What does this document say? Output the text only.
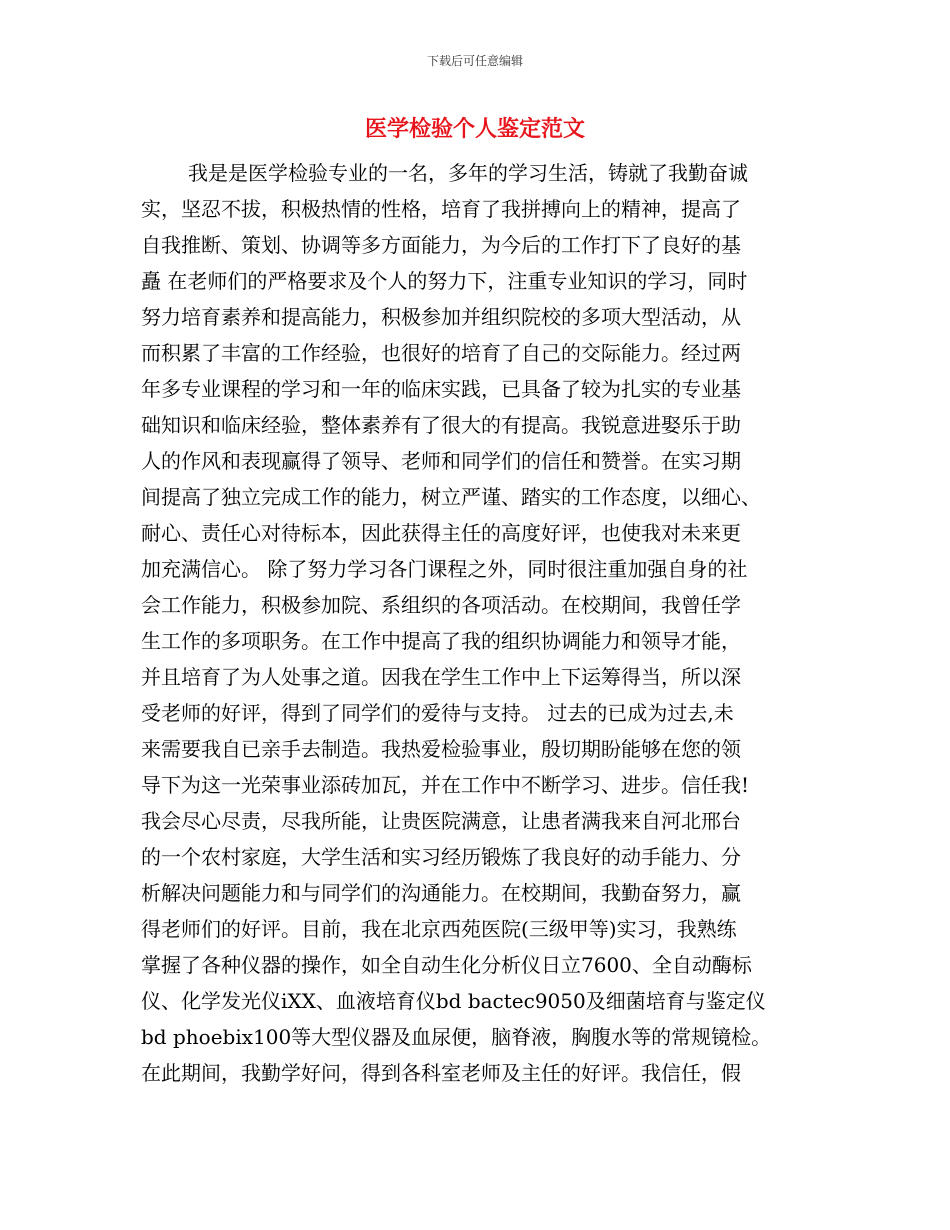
下载后可任意编辑
医学检验个人鉴定范文
我是是医学检验专业的一名，多年的学习生活，铸就了我勤奋诚
实，坚忍不拔，积极热情的性格，培育了我拼搏向上的精神，提高了
自我推断、策划、协调等多方面能力，为今后的工作打下了良好的基
矗 在老师们的严格要求及个人的努力下，注重专业知识的学习，同时
努力培育素养和提高能力，积极参加并组织院校的多项大型活动，从
而积累了丰富的工作经验，也很好的培育了自己的交际能力。经过两
年多专业课程的学习和一年的临床实践，已具备了较为扎实的专业基
础知识和临床经验，整体素养有了很大的有提高。我锐意进娶乐于助
人的作风和表现赢得了领导、老师和同学们的信任和赞誉。在实习期
间提高了独立完成工作的能力，树立严谨、踏实的工作态度，以细心、
耐心、责任心对待标本，因此获得主任的高度好评，也使我对未来更
加充满信心。 除了努力学习各门课程之外，同时很注重加强自身的社
会工作能力，积极参加院、系组织的各项活动。在校期间，我曾任学
生工作的多项职务。在工作中提高了我的组织协调能力和领导才能，
并且培育了为人处事之道。因我在学生工作中上下运筹得当，所以深
受老师的好评，得到了同学们的爱待与支持。 过去的已成为过去,未
来需要我自已亲手去制造。我热爱检验事业，殷切期盼能够在您的领
导下为这一光荣事业添砖加瓦，并在工作中不断学习、进步。信任我!
我会尽心尽责，尽我所能，让贵医院满意，让患者满我来自河北邢台
的一个农村家庭，大学生活和实习经历锻炼了我良好的动手能力、分
析解决问题能力和与同学们的沟通能力。在校期间，我勤奋努力，赢
得老师们的好评。目前，我在北京西苑医院(三级甲等)实习，我熟练
掌握了各种仪器的操作，如全自动生化分析仪日立7600、全自动酶标
仪、化学发光仪iXX、血液培育仪bd bactec9050及细菌培育与鉴定仪
bd phoebix100等大型仪器及血尿便，脑脊液，胸腹水等的常规镜检。
在此期间，我勤学好问，得到各科室老师及主任的好评。我信任，假
